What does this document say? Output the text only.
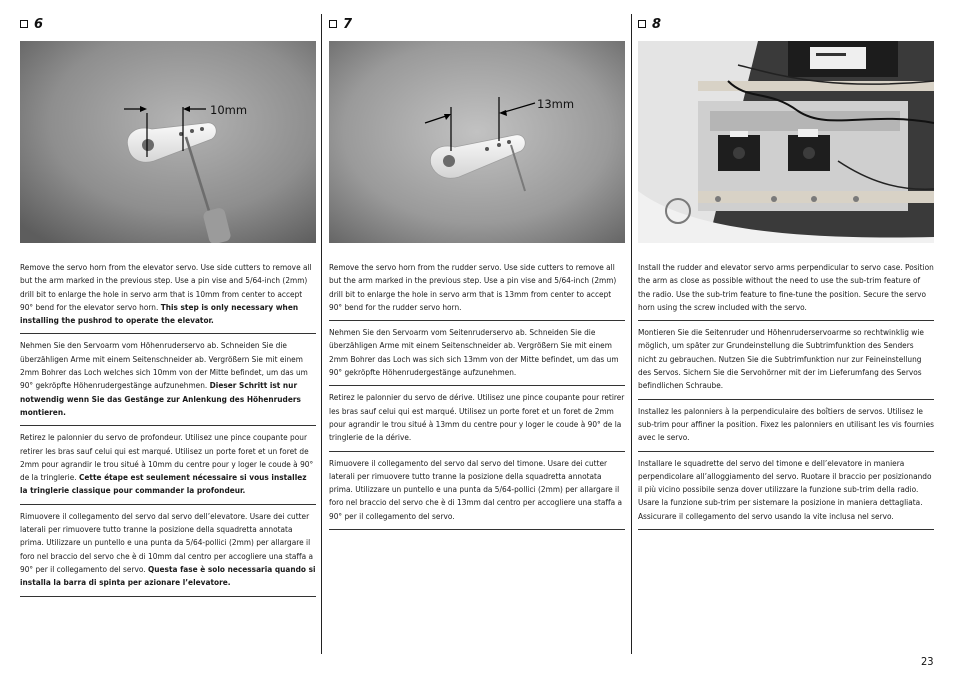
6
10mm
Remove the servo horn from the elevator servo. Use side cutters to remove all but the arm marked in the previous step. Use a pin vise and 5/64-inch (2mm) drill bit to enlarge the hole in servo arm that is 10mm from center to accept 90° bend for the elevator servo horn. This step is only necessary when installing the pushrod to operate the elevator.
Nehmen Sie den Servoarm vom Höhenruderservo ab. Schneiden Sie die überzähligen Arme mit einem Seitenschneider ab. Vergrößern Sie mit einem 2mm Bohrer das Loch welches sich 10mm von der Mitte befindet, um das um 90° gekröpfte Höhenrudergestänge aufzunehmen. Dieser Schritt ist nur notwendig wenn Sie das Gestänge zur Anlenkung des Höhenruders montieren.
Retirez le palonnier du servo de profondeur. Utilisez une pince coupante pour retirer les bras sauf celui qui est marqué. Utilisez un porte foret et un foret de 2mm pour agrandir le trou situé à 10mm du centre pour y loger le coude à 90° de la tringlerie. Cette étape est seulement nécessaire si vous installez la tringlerie classique pour commander la profondeur.
Rimuovere il collegamento del servo dal servo dell’elevatore. Usare dei cutter laterali per rimuovere tutto tranne la posizione della squadretta annotata prima. Utilizzare un puntello e una punta da 5/64-pollici (2mm) per allargare il foro nel braccio del servo che è di 10mm dal centro per accogliere una staffa a 90° per il collegamento del servo. Questa fase è solo necessaria quando si installa la barra di spinta per azionare l’elevatore.
7
13mm
Remove the servo horn from the rudder servo. Use side cutters to remove all but the arm marked in the previous step. Use a pin vise and 5/64-inch (2mm) drill bit to enlarge the hole in servo arm that is 13mm from center to accept 90° bend for the rudder servo horn.
Nehmen Sie den Servoarm vom Seitenruderservo ab. Schneiden Sie die überzähligen Arme mit einem Seitenschneider ab. Vergrößern Sie mit einem 2mm Bohrer das Loch was sich sich 13mm von der Mitte befindet, um das um 90° gekröpfte Höhenrudergestänge aufzunehmen.
Retirez le palonnier du servo de dérive. Utilisez une pince coupante pour retirer les bras sauf celui qui est marqué. Utilisez un porte foret et un foret de 2mm pour agrandir le trou situé à 13mm du centre pour y loger le coude à 90° de la tringlerie de la dérive.
Rimuovere il collegamento del servo dal servo del timone. Usare dei cutter laterali per rimuovere tutto tranne la posizione della squadretta annotata prima. Utilizzare un puntello e una punta da 5/64-pollici (2mm) per allargare il foro nel braccio del servo che è di 13mm dal centro per accogliere una staffa a 90° per il collegamento del servo.
8
Install the rudder and elevator servo arms perpendicular to servo case. Position the arm as close as possible without the need to use the sub-trim feature of the radio. Use the sub-trim feature to fine-tune the position. Secure the servo horn using the screw included with the servo.
Montieren Sie die Seitenruder und Höhenruderservoarme so rechtwinklig wie möglich, um später zur Grundeinstellung die Subtrimfunktion des Senders nicht zu gebrauchen. Nutzen Sie die Subtrimfunktion nur zur Feineinstellung des Servos. Sichern Sie die Servohörner mit der im Lieferumfang des Servos befindlichen Schraube.
Installez les palonniers à la perpendiculaire des boîtiers de servos. Utilisez le sub-trim pour affiner la position. Fixez les palonniers en utilisant les vis fournies avec le servo.
Installare le squadrette del servo del timone e dell’elevatore in maniera perpendicolare all’alloggiamento del servo. Ruotare il braccio per posizionando il più vicino possibile senza dover utilizzare la funzione sub-trim della radio. Usare la funzione sub-trim per sistemare la posizione in maniera dettagliata. Assicurare il collegamento del servo usando la vite inclusa nel servo.
23
